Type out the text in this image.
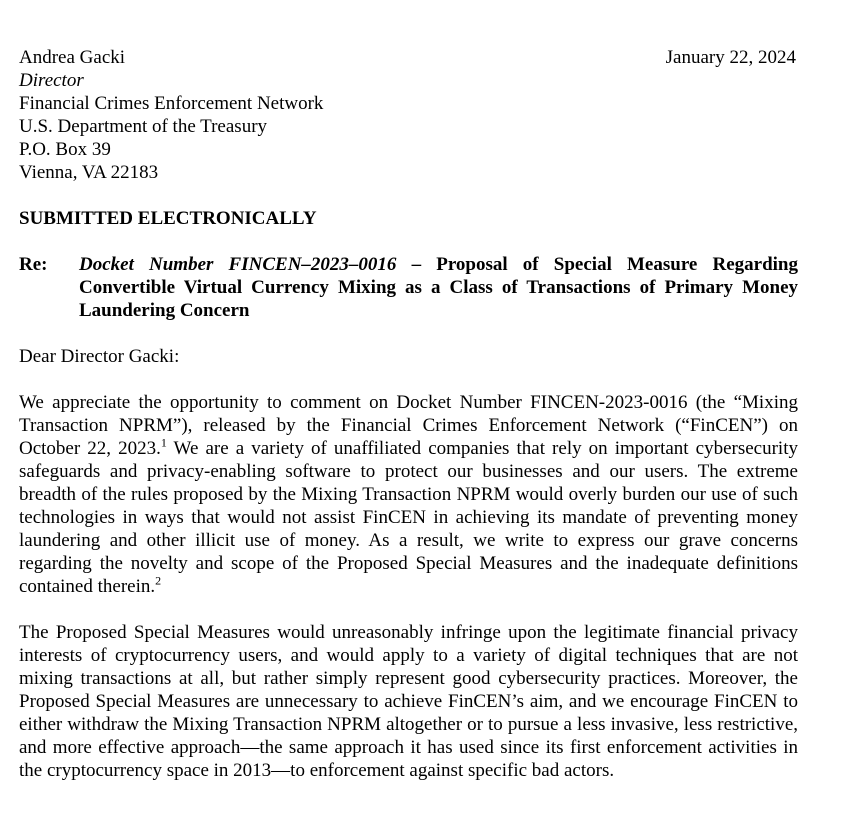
January 22, 2024
Andrea Gacki
Director
Financial Crimes Enforcement Network
U.S. Department of the Treasury
P.O. Box 39
Vienna, VA 22183
SUBMITTED ELECTRONICALLY
Re:	Docket Number FINCEN–2023–0016 – Proposal of Special Measure Regarding Convertible Virtual Currency Mixing as a Class of Transactions of Primary Money Laundering Concern
Dear Director Gacki:

We appreciate the opportunity to comment on Docket Number FINCEN-2023-0016 (the “Mixing Transaction NPRM”), released by the Financial Crimes Enforcement Network (“FinCEN”) on October 22, 2023.$^1$ We are a variety of unaffiliated companies that rely on important cybersecurity safeguards and privacy-enabling software to protect our businesses and our users. The extreme breadth of the rules proposed by the Mixing Transaction NPRM would overly burden our use of such technologies in ways that would not assist FinCEN in achieving its mandate of preventing money laundering and other illicit use of money. As a result, we write to express our grave concerns regarding the novelty and scope of the Proposed Special Measures and the inadequate definitions contained therein.$^2$

The Proposed Special Measures would unreasonably infringe upon the legitimate financial privacy interests of cryptocurrency users, and would apply to a variety of digital techniques that are not mixing transactions at all, but rather simply represent good cybersecurity practices. Moreover, the Proposed Special Measures are unnecessary to achieve FinCEN’s aim, and we encourage FinCEN to either withdraw the Mixing Transaction NPRM altogether or to pursue a less invasive, less restrictive, and more effective approach—the same approach it has used since its first enforcement activities in the cryptocurrency space in 2013—to enforcement against specific bad actors.
